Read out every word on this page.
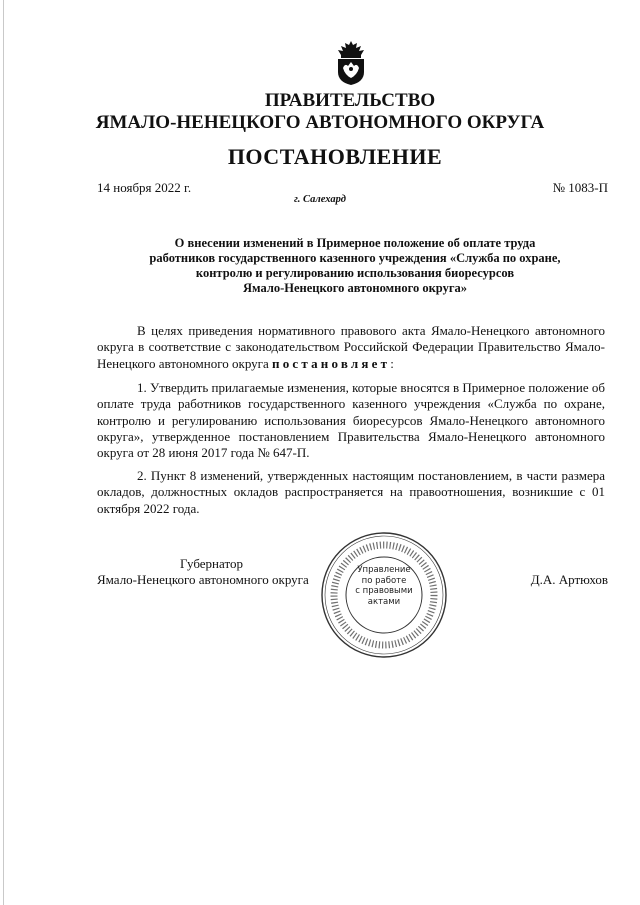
ПРАВИТЕЛЬСТВО
ЯМАЛО-НЕНЕЦКОГО АВТОНОМНОГО ОКРУГА
ПОСТАНОВЛЕНИЕ
14 ноября 2022 г.	№ 1083-П
г. Салехард
О внесении изменений в Примерное положение об оплате труда
работников государственного казенного учреждения «Служба по охране,
контролю и регулированию использования биоресурсов
Ямало-Ненецкого автономного округа»
В целях приведения нормативного правового акта Ямало-Ненецкого автономного округа в соответствие с законодательством Российской Федерации Правительство Ямало-Ненецкого автономного округа постановляет:
1. Утвердить прилагаемые изменения, которые вносятся в Примерное положение об оплате труда работников государственного казенного учреждения «Служба по охране, контролю и регулированию использования биоресурсов Ямало-Ненецкого автономного округа», утвержденное постановлением Правительства Ямало-Ненецкого автономного округа от 28 июня 2017 года № 647-П.
2. Пункт 8 изменений, утвержденных настоящим постановлением, в части размера окладов, должностных окладов распространяется на правоотношения, возникшие с 01 октября 2022 года.
Губернатор
Ямало-Ненецкого автономного округа	Д.А. Артюхов
Управление
по работе
с правовыми
актами
